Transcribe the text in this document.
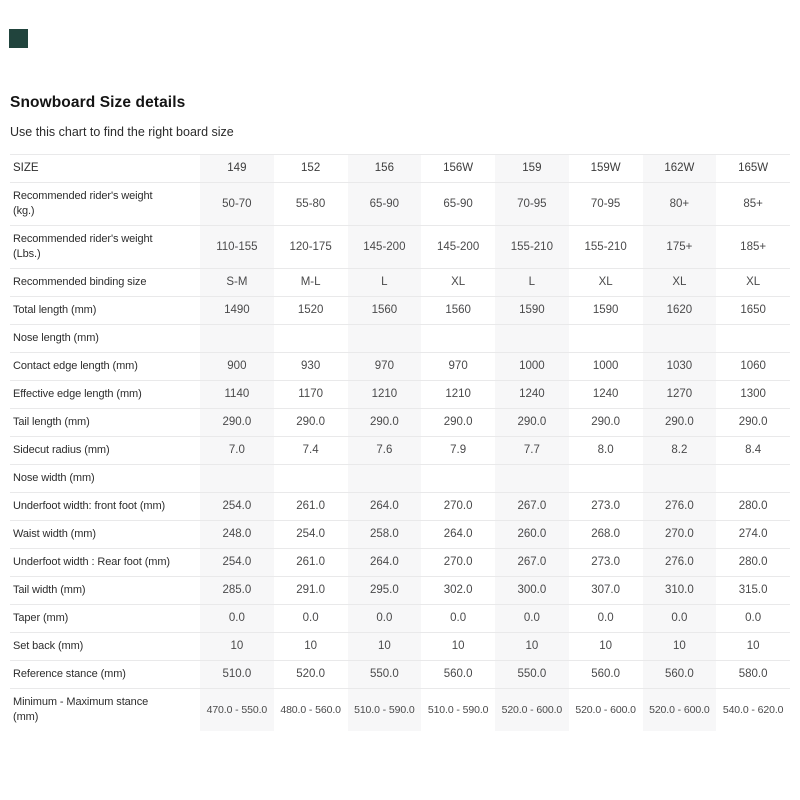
Snowboard Size details
Use this chart to find the right board size
SIZE	149	152	156	156W	159	159W	162W	165W

Recommended rider's weight
(kg.)	50-70	55-80	65-90	65-90	70-95	70-95	80+	85+

Recommended rider's weight
(Lbs.)	110-155	120-175	145-200	145-200	155-210	155-210	175+	185+

Recommended binding size	S-M	M-L	L	XL	L	XL	XL	XL

Total length (mm)	1490	1520	1560	1560	1590	1590	1620	1650

Nose length (mm)								

Contact edge length (mm)	900	930	970	970	1000	1000	1030	1060

Effective edge length (mm)	1140	1170	1210	1210	1240	1240	1270	1300

Tail length (mm)	290.0	290.0	290.0	290.0	290.0	290.0	290.0	290.0

Sidecut radius (mm)	7.0	7.4	7.6	7.9	7.7	8.0	8.2	8.4

Nose width (mm)								

Underfoot width: front foot (mm)	254.0	261.0	264.0	270.0	267.0	273.0	276.0	280.0

Waist width (mm)	248.0	254.0	258.0	264.0	260.0	268.0	270.0	274.0

Underfoot width : Rear foot (mm)	254.0	261.0	264.0	270.0	267.0	273.0	276.0	280.0

Tail width (mm)	285.0	291.0	295.0	302.0	300.0	307.0	310.0	315.0

Taper (mm)	0.0	0.0	0.0	0.0	0.0	0.0	0.0	0.0

Set back (mm)	10	10	10	10	10	10	10	10

Reference stance (mm)	510.0	520.0	550.0	560.0	550.0	560.0	560.0	580.0

Minimum - Maximum stance
(mm)	470.0 - 550.0	480.0 - 560.0	510.0 - 590.0	510.0 - 590.0	520.0 - 600.0	520.0 - 600.0	520.0 - 600.0	540.0 - 620.0
